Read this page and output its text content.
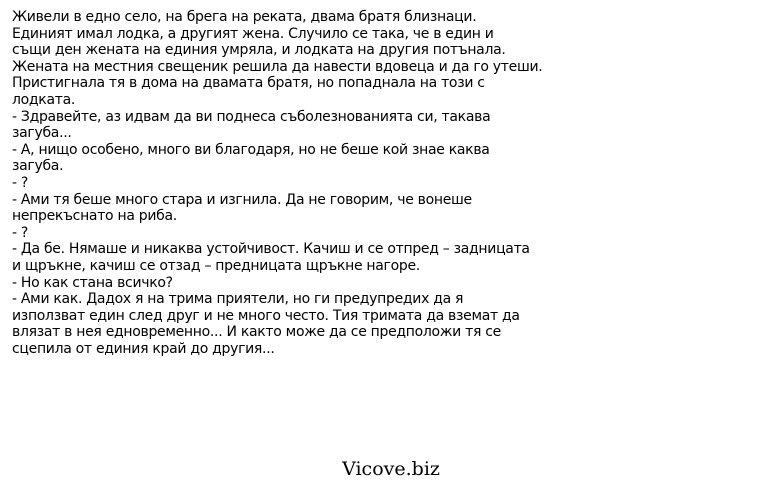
Живели в едно село, на брега на реката, двама братя близнаци.
Единият имал лодка, а другият жена. Случило се така, че в един и
същи ден жената на единия умряла, и лодката на другия потънала.
Жената на местния свещеник решила да навести вдовеца и да го утеши.
Пристигнала тя в дома на двамата братя, но попаднала на този с
лодката.
- Здравейте, аз идвам да ви поднеса съболезнованията си, такава
загуба...
- А, нищо особено, много ви благодаря, но не беше кой знае каква
загуба.
- ?
- Ами тя беше много стара и изгнила. Да не говорим, че вонеше
непрекъснато на риба.
- ?
- Да бе. Нямаше и никаква устойчивост. Качиш и се отпред – задницата
и щръкне, качиш се отзад – предницата щръкне нагоре.
- Но как стана всичко?
- Ами как. Дадох я на трима приятели, но ги предупредих да я
използват един след друг и не много често. Тия тримата да вземат да
влязат в нея едновременно... И както може да се предположи тя се
сцепила от единия край до другия...
Vicove.biz
